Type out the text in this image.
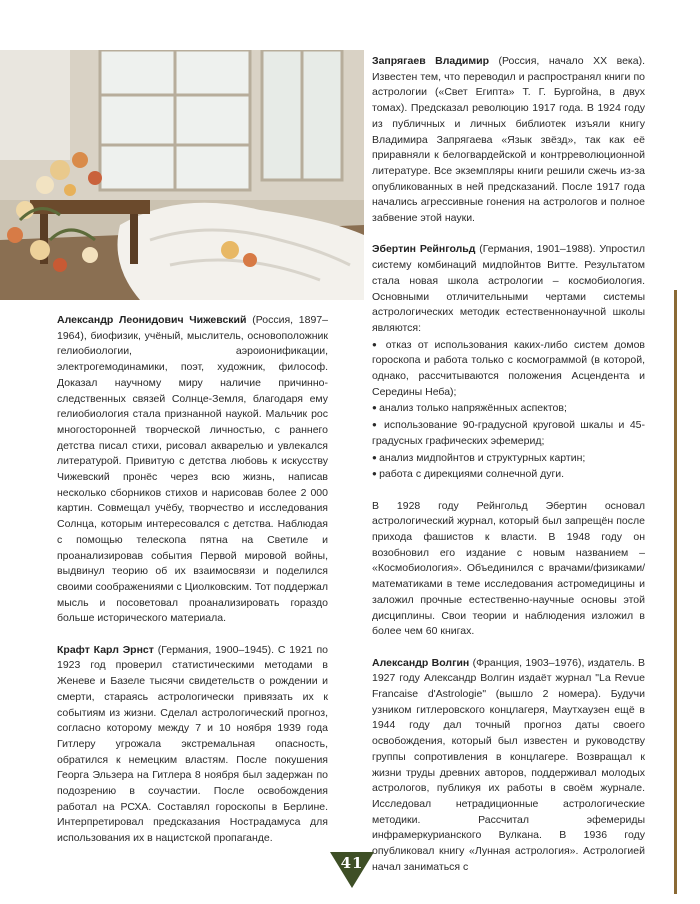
Александр Леонидович Чижевский (Россия, 1897–1964), биофизик, учёный, мыслитель, основоположник гелиобиологии, аэроионификации, электрогемодинамики, поэт, художник, философ. Доказал научному миру наличие причинно-следственных связей Солнце-Земля, благодаря ему гелиобиология стала признанной наукой. Мальчик рос многосторонней творческой личностью, с раннего детства писал стихи, рисовал акварелью и увлекался литературой. Привитую с детства любовь к искусству Чижевский пронёс через всю жизнь, написав несколько сборников стихов и нарисовав более 2 000 картин. Совмещал учёбу, творчество и исследования Солнца, которым интересовался с детства. Наблюдая с помощью телескопа пятна на Светиле и проанализировав события Первой мировой войны, выдвинул теорию об их взаимосвязи и поделился своими соображениями с Циолковским. Тот поддержал мысль и посоветовал проанализировать гораздо больше исторического материала.

Крафт Карл Эрнст (Германия, 1900–1945). С 1921 по 1923 год проверил статистическими методами в Женеве и Базеле тысячи свидетельств о рождении и смерти, стараясь астрологически привязать их к событиям из жизни. Сделал астрологический прогноз, согласно которому между 7 и 10 ноября 1939 года Гитлеру угрожала экстремальная опасность, обратился к немецким властям. После покушения Георга Эльзера на Гитлера 8 ноября был задержан по подозрению в соучастии. После освобождения работал на РСХА. Составлял гороскопы в Берлине. Интерпретировал предсказания Нострадамуса для использования их в нацистской пропаганде.

Запрягаев Владимир (Россия, начало XX века). Известен тем, что переводил и распространял книги по астрологии («Свет Египта» Т. Г. Бургойна, в двух томах). Предсказал революцию 1917 года. В 1924 году из публичных и личных библиотек изъяли книгу Владимира Запрягаева «Язык звёзд», так как её приравняли к белогвардейской и контрреволюционной литературе. Все экземпляры книги решили сжечь из-за опубликованных в ней предсказаний. После 1917 года начались агрессивные гонения на астрологов и полное забвение этой науки.

Эбертин Рейнгольд (Германия, 1901–1988). Упростил систему комбинаций мидпойнтов Витте. Результатом стала новая школа астрологии – космобиология. Основными отличительными чертами системы астрологических методик естественнонаучной школы являются:

● отказ от использования каких-либо систем домов гороскопа и работа только с космограммой (в которой, однако, рассчитываются положения Асцендента и Середины Неба);

● анализ только напряжённых аспектов;

● использование 90-градусной круговой шкалы и 45-градусных графических эфемерид;

● анализ мидпойнтов и структурных картин;

● работа с дирекциями солнечной дуги.

В 1928 году Рейнгольд Эбертин основал астрологический журнал, который был запрещён после прихода фашистов к власти. В 1948 году он возобновил его издание с новым названием – «Космобиология». Объединился с врачами/физиками/математиками в теме исследования астромедицины и заложил прочные естественно-научные основы этой дисциплины. Свои теории и наблюдения изложил в более чем 60 книгах.

Александр Волгин (Франция, 1903–1976), издатель. В 1927 году Александр Волгин издаёт журнал "La Revue Francaise d'Astrologie" (вышло 2 номера). Будучи узником гитлеровского концлагеря, Маутхаузен ещё в 1944 году дал точный прогноз даты своего освобождения, который был известен и руководству группы сопротивления в концлагере. Возвращал к жизни труды древних авторов, поддерживал молодых астрологов, публикуя их работы в своём журнале. Исследовал нетрадиционные астрологические методики. Рассчитал эфемериды инфрамеркурианского Вулкана. В 1936 году опубликовал книгу «Лунная астрология». Астрологией начал заниматься с

41
